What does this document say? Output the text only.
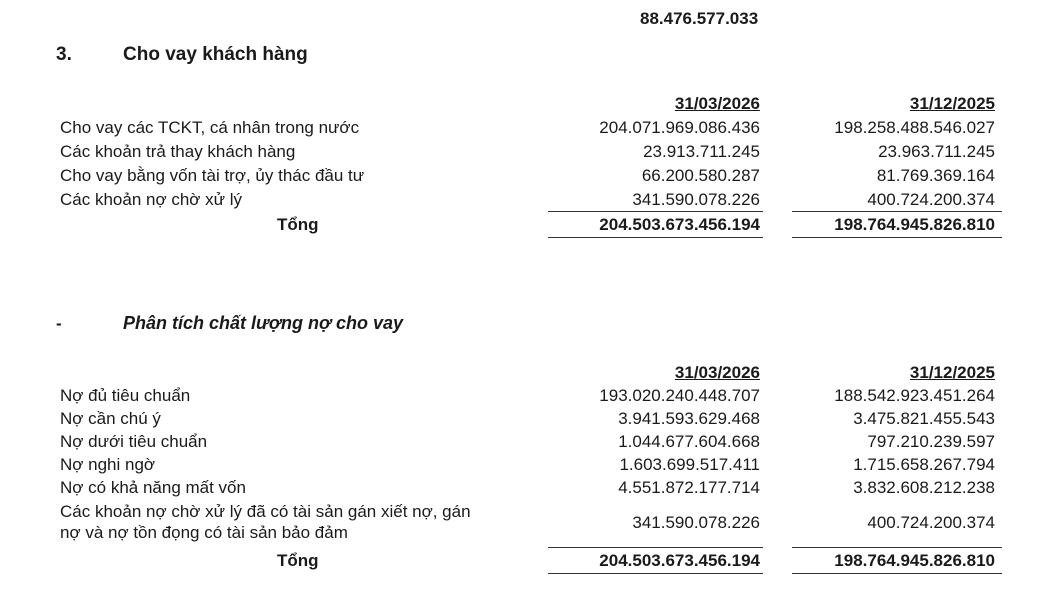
88.476.577.033
3.	Cho vay khách hàng
31/03/2026	31/12/2025
Cho vay các TCKT, cá nhân trong nước	204.071.969.086.436	198.258.488.546.027
Các khoản trả thay khách hàng	23.913.711.245	23.963.711.245
Cho vay bằng vốn tài trợ, ủy thác đầu tư	66.200.580.287	81.769.369.164
Các khoản nợ chờ xử lý	341.590.078.226	400.724.200.374
Tổng	204.503.673.456.194	198.764.945.826.810
-	Phân tích chất lượng nợ cho vay
31/03/2026	31/12/2025
Nợ đủ tiêu chuẩn	193.020.240.448.707	188.542.923.451.264
Nợ cần chú ý	3.941.593.629.468	3.475.821.455.543
Nợ dưới tiêu chuẩn	1.044.677.604.668	797.210.239.597
Nợ nghi ngờ	1.603.699.517.411	1.715.658.267.794
Nợ có khả năng mất vốn	4.551.872.177.714	3.832.608.212.238
Các khoản nợ chờ xử lý đã có tài sản gán xiết nợ, gán
nợ và nợ tồn đọng có tài sản bảo đảm
341.590.078.226	400.724.200.374
Tổng	204.503.673.456.194	198.764.945.826.810
